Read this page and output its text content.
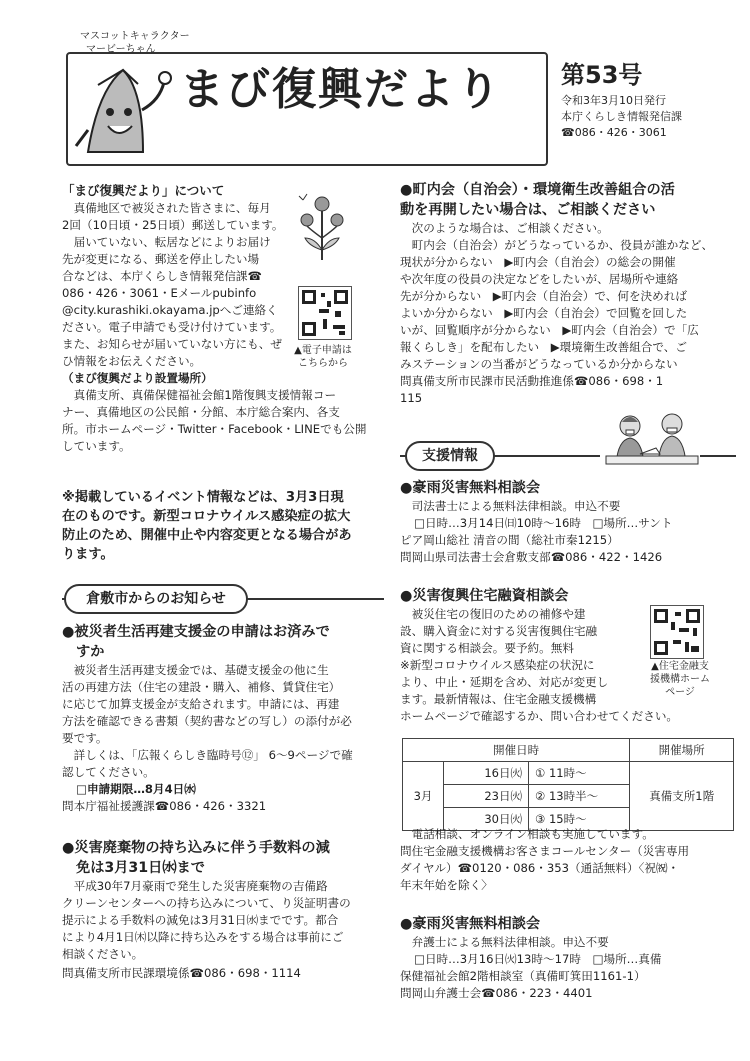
マスコットキャラクター
マービーちゃん
まび復興だより 第53号
令和3年3月10日発行
本庁くらしき情報発信課
☎086・426・3061

「まび復興だより」について

真備地区で被災された皆さまに、毎月

2回（10日頃・25日頃）郵送しています。

届いていない、転居などによりお届け

先が変更になる、郵送を停止したい場

合などは、本庁くらしき情報発信課☎

086・426・3061・Eメールpubinfo

@city.kurashiki.okayama.jpへご連絡く

ださい。電子申請でも受け付けています。

また、お知らせが届いていない方にも、ぜ

ひ情報をお伝えください。

（まび復興だより設置場所）

真備支所、真備保健福祉会館1階復興支援情報コー

ナー、真備地区の公民館・分館、本庁総合案内、各支

所。市ホームページ・Twitter・Facebook・LINEでも公開

しています。

▲電子申請は
こちらから

※掲載しているイベント情報などは、3月3日現

在のものです。新型コロナウイルス感染症の拡大

防止のため、開催中止や内容変更となる場合があ

ります。

倉敷市からのお知らせ

●被災者生活再建支援金の申請はお済みで

すか

被災者生活再建支援金では、基礎支援金の他に生

活の再建方法（住宅の建設・購入、補修、賃貸住宅）

に応じて加算支援金が支給されます。申請には、再建

方法を確認できる書類（契約書などの写し）の添付が必

要です。

詳しくは、「広報くらしき臨時号⑫」 6〜9ページで確

認してください。

□申請期限…8月4日㈬

問本庁福祉援護課☎086・426・3321

●災害廃棄物の持ち込みに伴う手数料の減

免は3月31日㈬まで

平成30年7月豪雨で発生した災害廃棄物の吉備路

クリーンセンターへの持ち込みについて、り災証明書の

提示による手数料の減免は3月31日㈬までです。都合

により4月1日㈭以降に持ち込みをする場合は事前にご

相談ください。

問真備支所市民課環境係☎086・698・1114

●町内会（自治会）・環境衛生改善組合の活

動を再開したい場合は、ご相談ください

次のような場合は、ご相談ください。

町内会（自治会）がどうなっているか、役員が誰かなど、

現状が分からない　▶町内会（自治会）の総会の開催

や次年度の役員の決定などをしたいが、居場所や連絡

先が分からない　▶町内会（自治会）で、何を決めれば

よいか分からない　▶町内会（自治会）で回覧を回した

いが、回覧順序が分からない　▶町内会（自治会）で「広

報くらしき」を配布したい　▶環境衛生改善組合で、ご

みステーションの当番がどうなっているか分からない

問真備支所市民課市民活動推進係☎086・698・1

115

支援情報

●豪雨災害無料相談会

司法書士による無料法律相談。申込不要

□日時…3月14日㈰10時〜16時　□場所…サント

ピア岡山総社 清音の間（総社市秦1215）

問岡山県司法書士会倉敷支部☎086・422・1426

●災害復興住宅融資相談会

被災住宅の復旧のための補修や建

設、購入資金に対する災害復興住宅融

資に関する相談会。要予約。無料

※新型コロナウイルス感染症の状況に

より、中止・延期を含め、対応が変更し

ます。最新情報は、住宅金融支援機構

ホームページで確認するか、問い合わせてください。

▲住宅金融支
援機構ホーム
ページ
開催日時			開催場所
3月	16日㈫	① 11時〜	真備支所1階
	23日㈫	② 13時半〜	
	30日㈫	③ 15時〜	

電話相談、オンライン相談も実施しています。

問住宅金融支援機構お客さまコールセンター（災害専用

ダイヤル）☎0120・086・353（通話無料）〈祝㈷・

年末年始を除く〉

●豪雨災害無料相談会

弁護士による無料法律相談。申込不要

□日時…3月16日㈫13時〜17時　□場所…真備

保健福祉会館2階相談室（真備町箕田1161-1）

問岡山弁護士会☎086・223・4401
